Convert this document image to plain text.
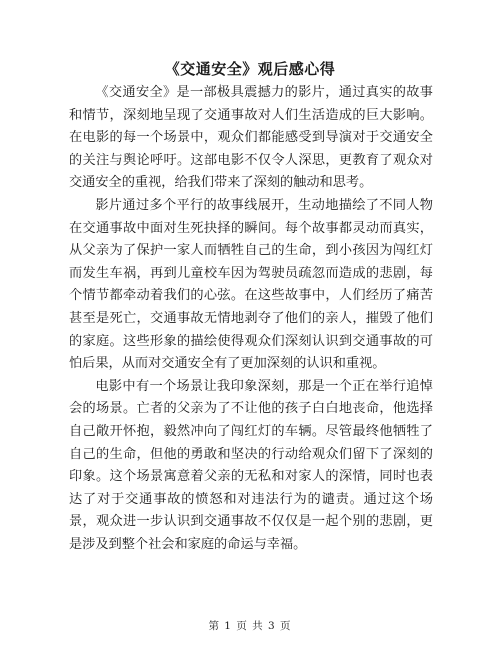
《交通安全》观后感心得

《交通安全》是一部极具震撼力的影片，通过真实的故事和情节，深刻地呈现了交通事故对人们生活造成的巨大影响。在电影的每一个场景中，观众们都能感受到导演对于交通安全的关注与舆论呼吁。这部电影不仅令人深思，更教育了观众对交通安全的重视，给我们带来了深刻的触动和思考。

影片通过多个平行的故事线展开，生动地描绘了不同人物在交通事故中面对生死抉择的瞬间。每个故事都灵动而真实，从父亲为了保护一家人而牺牲自己的生命，到小孩因为闯红灯而发生车祸，再到儿童校车因为驾驶员疏忽而造成的悲剧，每个情节都牵动着我们的心弦。在这些故事中，人们经历了痛苦甚至是死亡，交通事故无情地剥夺了他们的亲人，摧毁了他们的家庭。这些形象的描绘使得观众们深刻认识到交通事故的可怕后果，从而对交通安全有了更加深刻的认识和重视。

电影中有一个场景让我印象深刻，那是一个正在举行追悼会的场景。亡者的父亲为了不让他的孩子白白地丧命，他选择自己敞开怀抱，毅然冲向了闯红灯的车辆。尽管最终他牺牲了自己的生命，但他的勇敢和坚决的行动给观众们留下了深刻的印象。这个场景寓意着父亲的无私和对家人的深情，同时也表达了对于交通事故的愤怒和对违法行为的谴责。通过这个场景，观众进一步认识到交通事故不仅仅是一起个别的悲剧，更是涉及到整个社会和家庭的命运与幸福。

第 1 页 共 3 页
